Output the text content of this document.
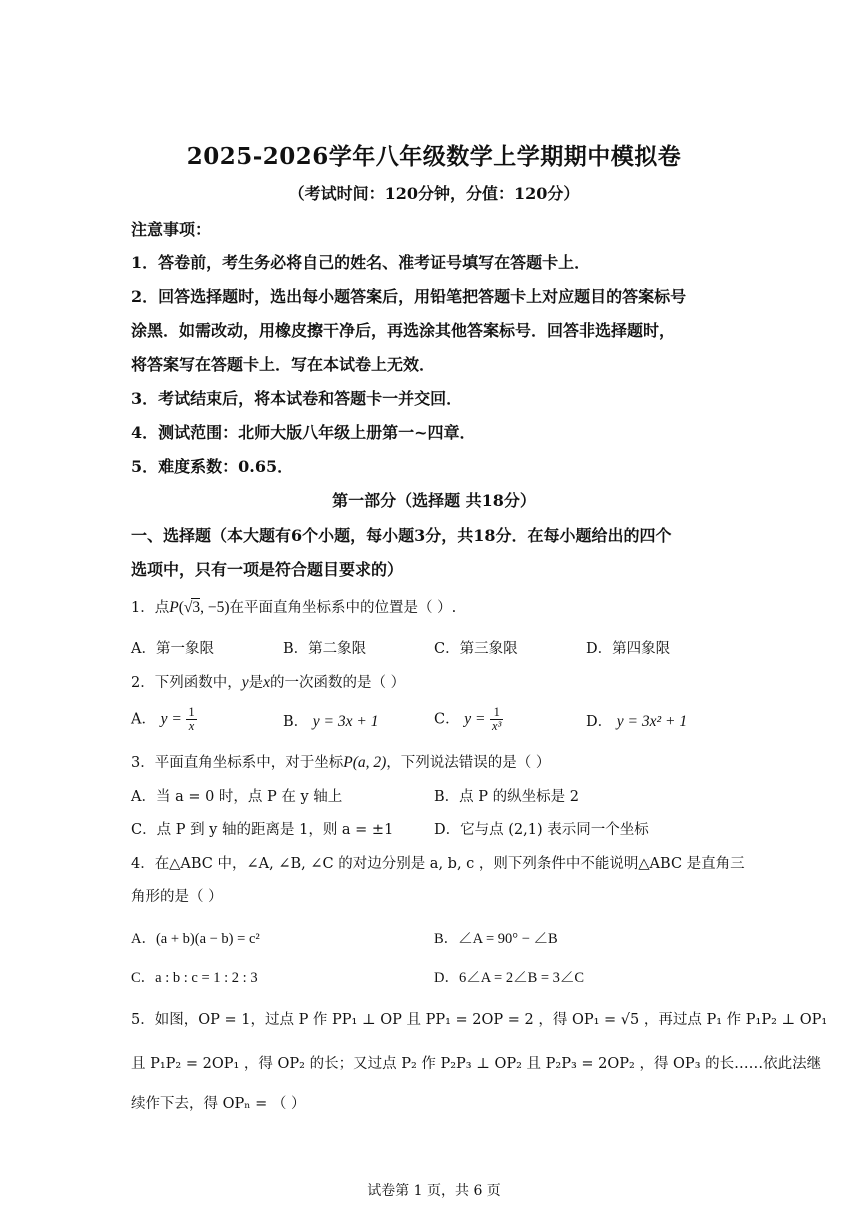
2025-2026学年八年级数学上学期期中模拟卷
（考试时间：120分钟，分值：120分）
注意事项：
1．答卷前，考生务必将自己的姓名、准考证号填写在答题卡上．
2．回答选择题时，选出每小题答案后，用铅笔把答题卡上对应题目的答案标号
涂黑．如需改动，用橡皮擦干净后，再选涂其他答案标号．回答非选择题时，
将答案写在答题卡上．写在本试卷上无效．
3．考试结束后，将本试卷和答题卡一并交回．
4．测试范围：北师大版八年级上册第一~四章．
5．难度系数：0.65．
第一部分（选择题 共18分）
一、选择题（本大题有6个小题，每小题3分，共18分．在每小题给出的四个
选项中，只有一项是符合题目要求的）
1．点P(√3, −5)在平面直角坐标系中的位置是（ ）.
A．第一象限	B．第二象限	C．第三象限	D．第四象限
2．下列函数中，y是x的一次函数的是（ ）
A． $y = \frac{1}{x}$	B． y = 3x + 1	C． $y = \frac{1}{\text{x³}}$	D． y = 3x² + 1
3．平面直角坐标系中，对于坐标P(a, 2)，下列说法错误的是（ ）
A．当 a = 0 时，点 P 在 y 轴上	B．点 P 的纵坐标是 2
C．点 P 到 y 轴的距离是 1，则 a = ±1	D．它与点 (2,1) 表示同一个坐标
4．在△ABC 中，∠A, ∠B, ∠C 的对边分别是 a, b, c ，则下列条件中不能说明△ABC 是直角三
角形的是（ ）
A．(a + b)(a − b) = c²	B．∠A = 90° − ∠B
C．a : b : c = 1 : 2 : 3	D．6∠A = 2∠B = 3∠C
5．如图，OP = 1，过点 P 作 PP₁ ⊥ OP 且 PP₁ = 2OP = 2 ，得 OP₁ = √5 ，再过点 P₁ 作 P₁P₂ ⊥ OP₁
且 P₁P₂ = 2OP₁ ，得 OP₂ 的长；又过点 P₂ 作 P₂P₃ ⊥ OP₂ 且 P₂P₃ = 2OP₂ ，得 OP₃ 的长……依此法继
续作下去，得 OPₙ = （ ）
试卷第 1 页，共 6 页
